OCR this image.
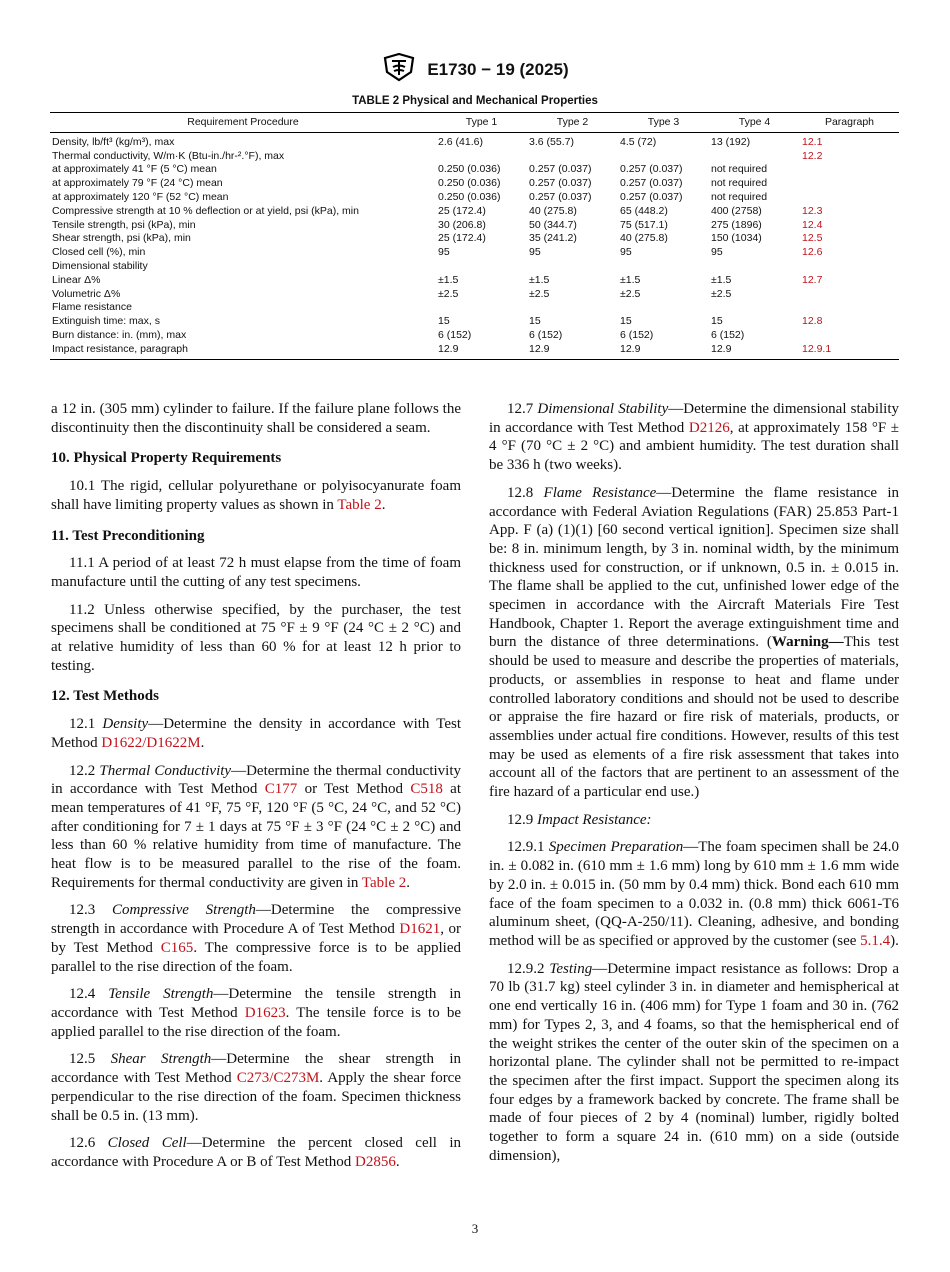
E1730 − 19 (2025)
TABLE 2 Physical and Mechanical Properties
Requirement Procedure	Type 1	Type 2	Type 3	Type 4	Paragraph
Density, lb/ft³ (kg/m³), max	2.6 (41.6)	3.6 (55.7)	4.5 (72)	13 (192)	12.1
Thermal conductivity, W/m·K (Btu-in./hr-².°F), max					12.2
at approximately 41 °F (5 °C) mean	0.250 (0.036)	0.257 (0.037)	0.257 (0.037)	not required	
at approximately 79 °F (24 °C) mean	0.250 (0.036)	0.257 (0.037)	0.257 (0.037)	not required	
at approximately 120 °F (52 °C) mean	0.250 (0.036)	0.257 (0.037)	0.257 (0.037)	not required	
Compressive strength at 10 % deflection or at yield, psi (kPa), min	25 (172.4)	40 (275.8)	65 (448.2)	400 (2758)	12.3
Tensile strength, psi (kPa), min	30 (206.8)	50 (344.7)	75 (517.1)	275 (1896)	12.4
Shear strength, psi (kPa), min	25 (172.4)	35 (241.2)	40 (275.8)	150 (1034)	12.5
Closed cell (%), min	95	95	95	95	12.6
Dimensional stability					
Linear Δ%	±1.5	±1.5	±1.5	±1.5	12.7
Volumetric Δ%	±2.5	±2.5	±2.5	±2.5	
Flame resistance					
Extinguish time: max, s	15	15	15	15	12.8
Burn distance: in. (mm), max	6 (152)	6 (152)	6 (152)	6 (152)	
Impact resistance, paragraph	12.9	12.9	12.9	12.9	12.9.1

a 12 in. (305 mm) cylinder to failure. If the failure plane follows the discontinuity then the discontinuity shall be considered a seam.

10. Physical Property Requirements

10.1 The rigid, cellular polyurethane or polyisocyanurate foam shall have limiting property values as shown in Table 2.

11. Test Preconditioning

11.1 A period of at least 72 h must elapse from the time of foam manufacture until the cutting of any test specimens.

11.2 Unless otherwise specified, by the purchaser, the test specimens shall be conditioned at 75 °F ± 9 °F (24 °C ± 2 °C) and at relative humidity of less than 60 % for at least 12 h prior to testing.

12. Test Methods

12.1 Density—Determine the density in accordance with Test Method D1622/D1622M.

12.2 Thermal Conductivity—Determine the thermal conductivity in accordance with Test Method C177 or Test Method C518 at mean temperatures of 41 °F, 75 °F, 120 °F (5 °C, 24 °C, and 52 °C) after conditioning for 7 ± 1 days at 75 °F ± 3 °F (24 °C ± 2 °C) and less than 60 % relative humidity from time of manufacture. The heat flow is to be measured parallel to the rise of the foam. Requirements for thermal conductivity are given in Table 2.

12.3 Compressive Strength—Determine the compressive strength in accordance with Procedure A of Test Method D1621, or by Test Method C165. The compressive force is to be applied parallel to the rise direction of the foam.

12.4 Tensile Strength—Determine the tensile strength in accordance with Test Method D1623. The tensile force is to be applied parallel to the rise direction of the foam.

12.5 Shear Strength—Determine the shear strength in accordance with Test Method C273/C273M. Apply the shear force perpendicular to the rise direction of the foam. Specimen thickness shall be 0.5 in. (13 mm).

12.6 Closed Cell—Determine the percent closed cell in accordance with Procedure A or B of Test Method D2856.

12.7 Dimensional Stability—Determine the dimensional stability in accordance with Test Method D2126, at approximately 158 °F ± 4 °F (70 °C ± 2 °C) and ambient humidity. The test duration shall be 336 h (two weeks).

12.8 Flame Resistance—Determine the flame resistance in accordance with Federal Aviation Regulations (FAR) 25.853 Part-1 App. F (a) (1)(1) [60 second vertical ignition]. Specimen size shall be: 8 in. minimum length, by 3 in. nominal width, by the minimum thickness used for construction, or if unknown, 0.5 in. ± 0.015 in. The flame shall be applied to the cut, unfinished lower edge of the specimen in accordance with the Aircraft Materials Fire Test Handbook, Chapter 1. Report the average extinguishment time and burn the distance of three determinations. (Warning—This test should be used to measure and describe the properties of materials, products, or assemblies in response to heat and flame under controlled laboratory conditions and should not be used to describe or appraise the fire hazard or fire risk of materials, products, or assemblies under actual fire conditions. However, results of this test may be used as elements of a fire risk assessment that takes into account all of the factors that are pertinent to an assessment of the fire hazard of a particular end use.)

12.9 Impact Resistance:

12.9.1 Specimen Preparation—The foam specimen shall be 24.0 in. ± 0.082 in. (610 mm ± 1.6 mm) long by 610 mm ± 1.6 mm wide by 2.0 in. ± 0.015 in. (50 mm by 0.4 mm) thick. Bond each 610 mm face of the foam specimen to a 0.032 in. (0.8 mm) thick 6061-T6 aluminum sheet, (QQ-A-250/11). Cleaning, adhesive, and bonding method will be as specified or approved by the customer (see 5.1.4).

12.9.2 Testing—Determine impact resistance as follows: Drop a 70 lb (31.7 kg) steel cylinder 3 in. in diameter and hemispherical at one end vertically 16 in. (406 mm) for Type 1 foam and 30 in. (762 mm) for Types 2, 3, and 4 foams, so that the hemispherical end of the weight strikes the center of the outer skin of the specimen on a horizontal plane. The cylinder shall not be permitted to re-impact the specimen after the first impact. Support the specimen along its four edges by a framework backed by concrete. The frame shall be made of four pieces of 2 by 4 (nominal) lumber, rigidly bolted together to form a square 24 in. (610 mm) on a side (outside dimension),

3
